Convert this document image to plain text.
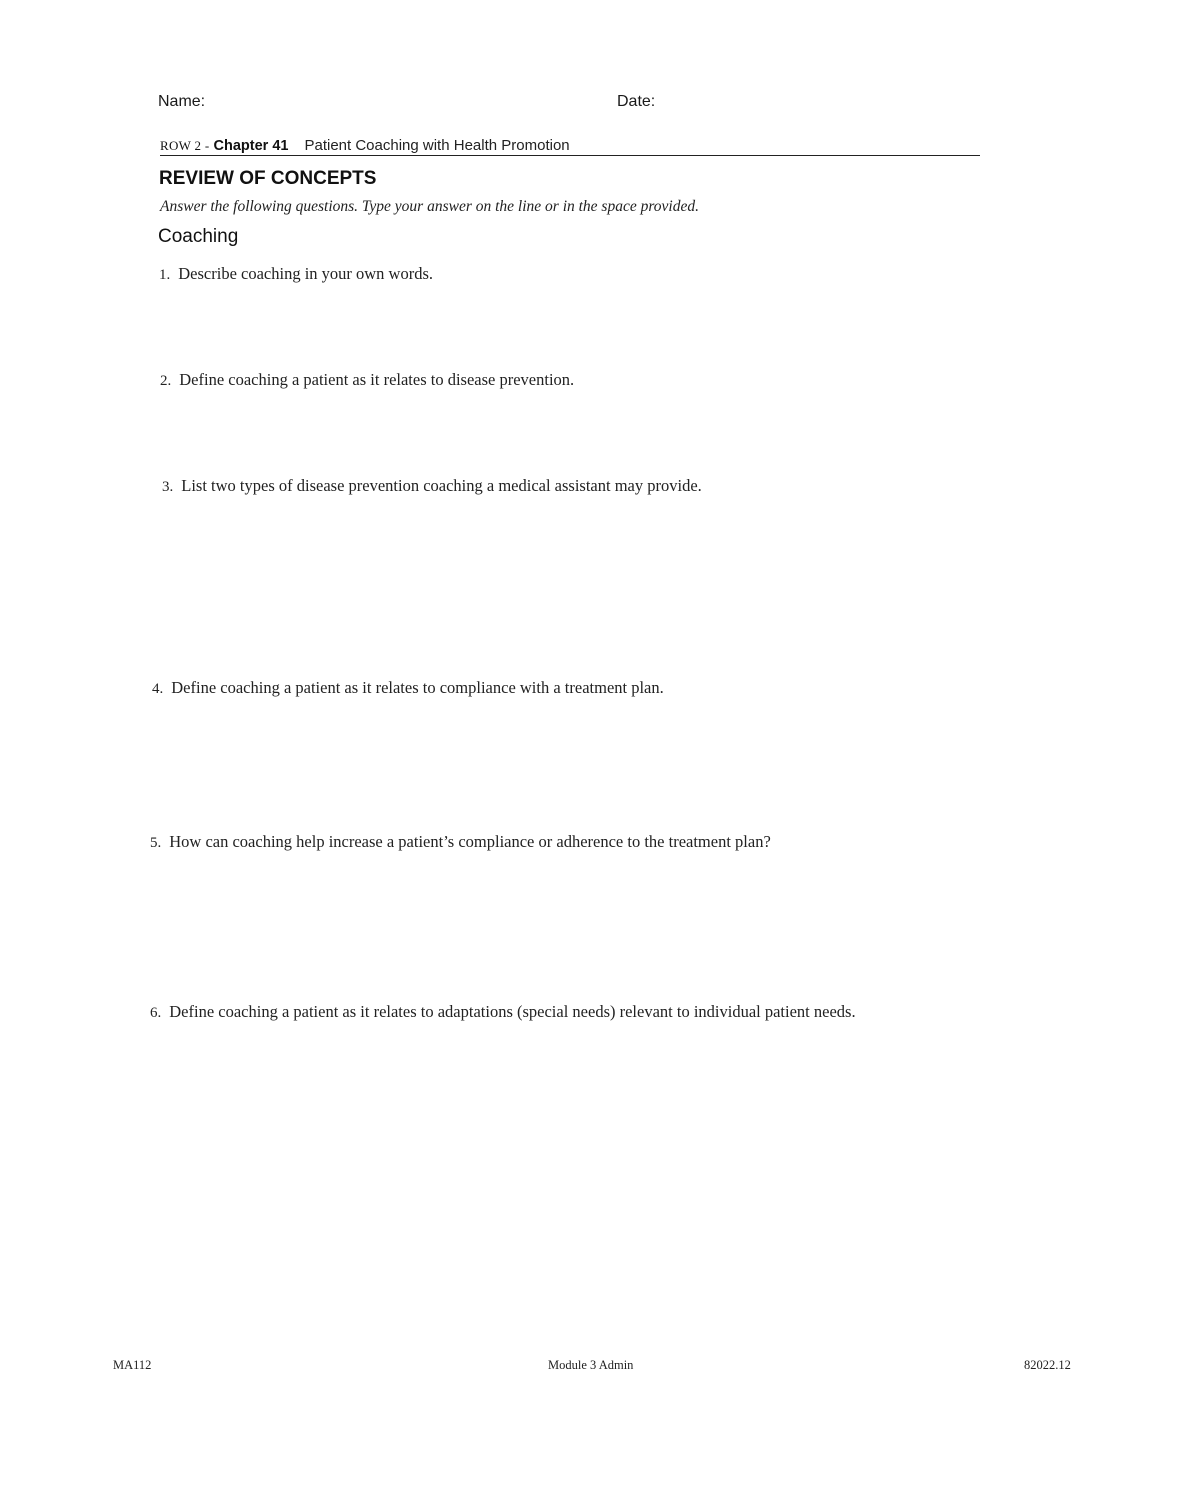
Name:	Date:
ROW 2 - Chapter 41 Patient Coaching with Health Promotion
REVIEW OF CONCEPTS
Answer the following questions. Type your answer on the line or in the space provided.
Coaching
1. Describe coaching in your own words.
2. Define coaching a patient as it relates to disease prevention.
3. List two types of disease prevention coaching a medical assistant may provide.
4. Define coaching a patient as it relates to compliance with a treatment plan.
5. How can coaching help increase a patient’s compliance or adherence to the treatment plan?
6. Define coaching a patient as it relates to adaptations (special needs) relevant to individual patient needs.
MA112	Module 3 Admin	82022.12
